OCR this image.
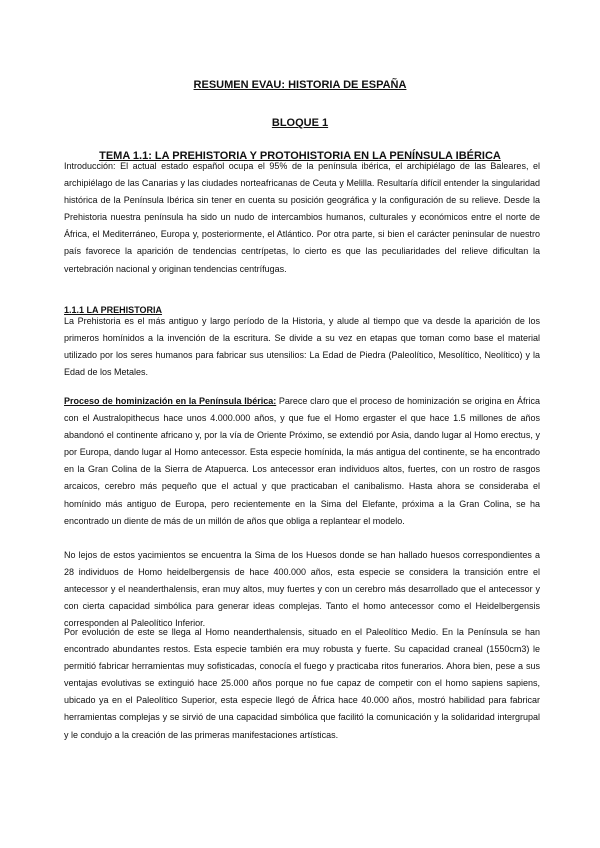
RESUMEN EVAU: HISTORIA DE ESPAÑA
BLOQUE 1
TEMA 1.1: LA PREHISTORIA Y PROTOHISTORIA EN LA PENÍNSULA IBÉRICA

Introducción: El actual estado español ocupa el 95% de la península ibérica, el archipiélago de las Baleares, el archipiélago de las Canarias y las ciudades norteafricanas de Ceuta y Melilla. Resultaría difícil entender la singularidad histórica de la Península Ibérica sin tener en cuenta su posición geográfica y la configuración de su relieve. Desde la Prehistoria nuestra península ha sido un nudo de intercambios humanos, culturales y económicos entre el norte de África, el Mediterráneo, Europa y, posteriormente, el Atlántico. Por otra parte, si bien el carácter peninsular de nuestro país favorece la aparición de tendencias centrípetas, lo cierto es que las peculiaridades del relieve dificultan la vertebración nacional y originan tendencias centrífugas.

1.1.1 LA PREHISTORIA

La Prehistoria es el más antiguo y largo período de la Historia, y alude al tiempo que va desde la aparición de los primeros homínidos a la invención de la escritura. Se divide a su vez en etapas que toman como base el material utilizado por los seres humanos para fabricar sus utensilios: La Edad de Piedra (Paleolítico, Mesolítico, Neolítico) y la Edad de los Metales.

Proceso de hominización en la Península Ibérica: Parece claro que el proceso de hominización se origina en África con el Australopithecus hace unos 4.000.000 años, y que fue el Homo ergaster el que hace 1.5 millones de años abandonó el continente africano y, por la vía de Oriente Próximo, se extendió por Asia, dando lugar al Homo erectus, y por Europa, dando lugar al Homo antecessor. Esta especie homínida, la más antigua del continente, se ha encontrado en la Gran Colina de la Sierra de Atapuerca. Los antecessor eran individuos altos, fuertes, con un rostro de rasgos arcaicos, cerebro más pequeño que el actual y que practicaban el canibalismo. Hasta ahora se consideraba el homínido más antiguo de Europa, pero recientemente en la Sima del Elefante, próxima a la Gran Colina, se ha encontrado un diente de más de un millón de años que obliga a replantear el modelo.

No lejos de estos yacimientos se encuentra la Sima de los Huesos donde se han hallado huesos correspondientes a 28 individuos de Homo heidelbergensis de hace 400.000 años, esta especie se considera la transición entre el antecessor y el neanderthalensis, eran muy altos, muy fuertes y con un cerebro más desarrollado que el antecessor y con cierta capacidad simbólica para generar ideas complejas. Tanto el homo antecessor como el Heidelbergensis corresponden al Paleolítico Inferior.

Por evolución de este se llega al Homo neanderthalensis, situado en el Paleolítico Medio. En la Península se han encontrado abundantes restos. Esta especie también era muy robusta y fuerte. Su capacidad craneal (1550cm3) le permitió fabricar herramientas muy sofisticadas, conocía el fuego y practicaba ritos funerarios. Ahora bien, pese a sus ventajas evolutivas se extinguió hace 25.000 años porque no fue capaz de competir con el homo sapiens sapiens, ubicado ya en el Paleolítico Superior, esta especie llegó de África hace 40.000 años, mostró habilidad para fabricar herramientas complejas y se sirvió de una capacidad simbólica que facilitó la comunicación y la solidaridad intergrupal y le condujo a la creación de las primeras manifestaciones artísticas.
